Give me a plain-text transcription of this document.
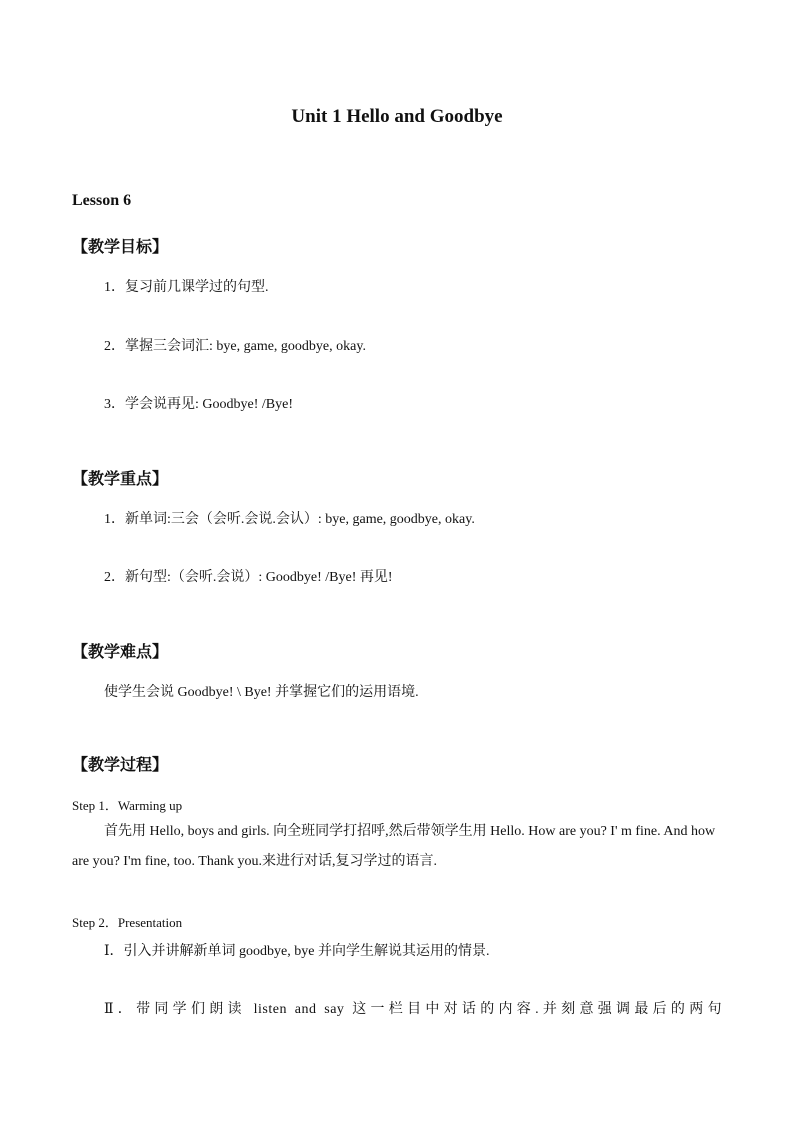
Unit 1 Hello and Goodbye
Lesson 6
【教学目标】
1．复习前几课学过的句型.
2．掌握三会词汇: bye, game, goodbye, okay.
3．学会说再见: Goodbye! /Bye!
【教学重点】
1．新单词:三会（会听.会说.会认）: bye, game, goodbye, okay.
2．新句型:（会听.会说）: Goodbye! /Bye! 再见!
【教学难点】
使学生会说 Goodbye! \ Bye! 并掌握它们的运用语境.
【教学过程】
Step 1．Warming up
首先用 Hello, boys and girls. 向全班同学打招呼,然后带领学生用 Hello. How are you? I' m fine. And how are you? I'm fine, too. Thank you.来进行对话,复习学过的语言.
Step 2．Presentation
Ⅰ．引入并讲解新单词 goodbye, bye 并向学生解说其运用的情景.
Ⅱ．带同学们朗读 listen and say 这一栏目中对话的内容.并刻意强调最后的两句
